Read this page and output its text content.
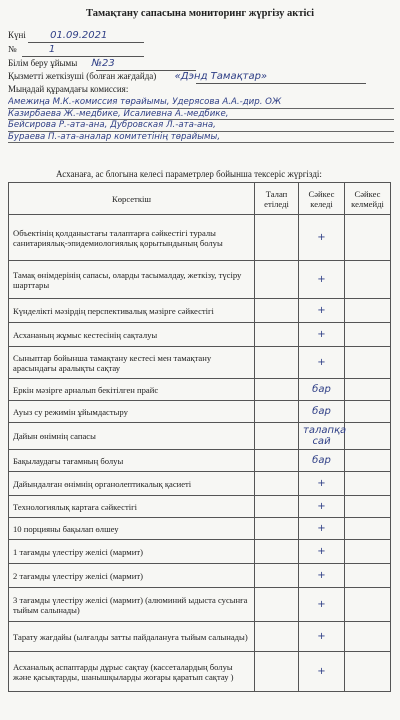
Тамақтану сапасына мониторинг жүргізу актісі
Күні 01.09.2021
№	1
Білім беру ұйымы №23
Қызметті жеткізуші (болған жағдайда) «Дэнд Тамақтар»
Мыңадай құрамдағы комиссия:
Амежиңа М.К.-комиссия төрайымы, Удерясова А.А.-дир. ОЖ
Казирбаева Ж.-медбике, Исалиевна А.-медбике,
Бейсирова Р.-ата-ана, Дубровская Л.-ата-ана,
Бураева П.-ата-аналар комитетінің төрайымы,
Асханаға, ас блогына келесі параметрлер бойынша тексеріс жүргізді:
Көрсеткіш	Талап етіледі	Сәйкес келеді	Сәйкес келмейді
Объектінің қолданыстағы талаптарға сәйкестігі туралы санитариялық-эпидемиологиялық қорытындының болуы		+	
Тамақ өнімдерінің сапасы, оларды тасымалдау, жеткізу, түсіру шарттары		+	
Күнделікті мәзірдің перспективалық мәзірге сәйкестігі		+	
Асхананың жұмыс кестесінің сақталуы		+	
Сыныптар бойынша тамақтану кестесі мен тамақтану арасындағы аралықты сақтау		+	
Еркін мәзірге арналып бекітілген прайс		бар	
Ауыз су режимін ұйымдастыру		бар	
Дайын өнімнің сапасы		талапқа сай	
Бақылаудағы тағамның болуы		бар	
Дайындалған өнімнің органолептикалық қасиеті		+	
Технологиялық картаға сәйкестігі		+	
10 порцияны бақылап өлшеу		+	
1 тағамды үлестіру желісі (мармит)		+	
2 тағамды үлестіру желісі (мармит)		+	
3 тағамды үлестіру желісі (мармит) (алюминий ыдыста сусынға тыйым салынады)		+	
Тарату жағдайы (ылғалды затты пайдалануға тыйым салынады)		+	
Асханалық аспаптарды дұрыс сақтау (кассеталардың болуы және қасықтарды, шанышқыларды жоғары қаратып сақтау )		+	
